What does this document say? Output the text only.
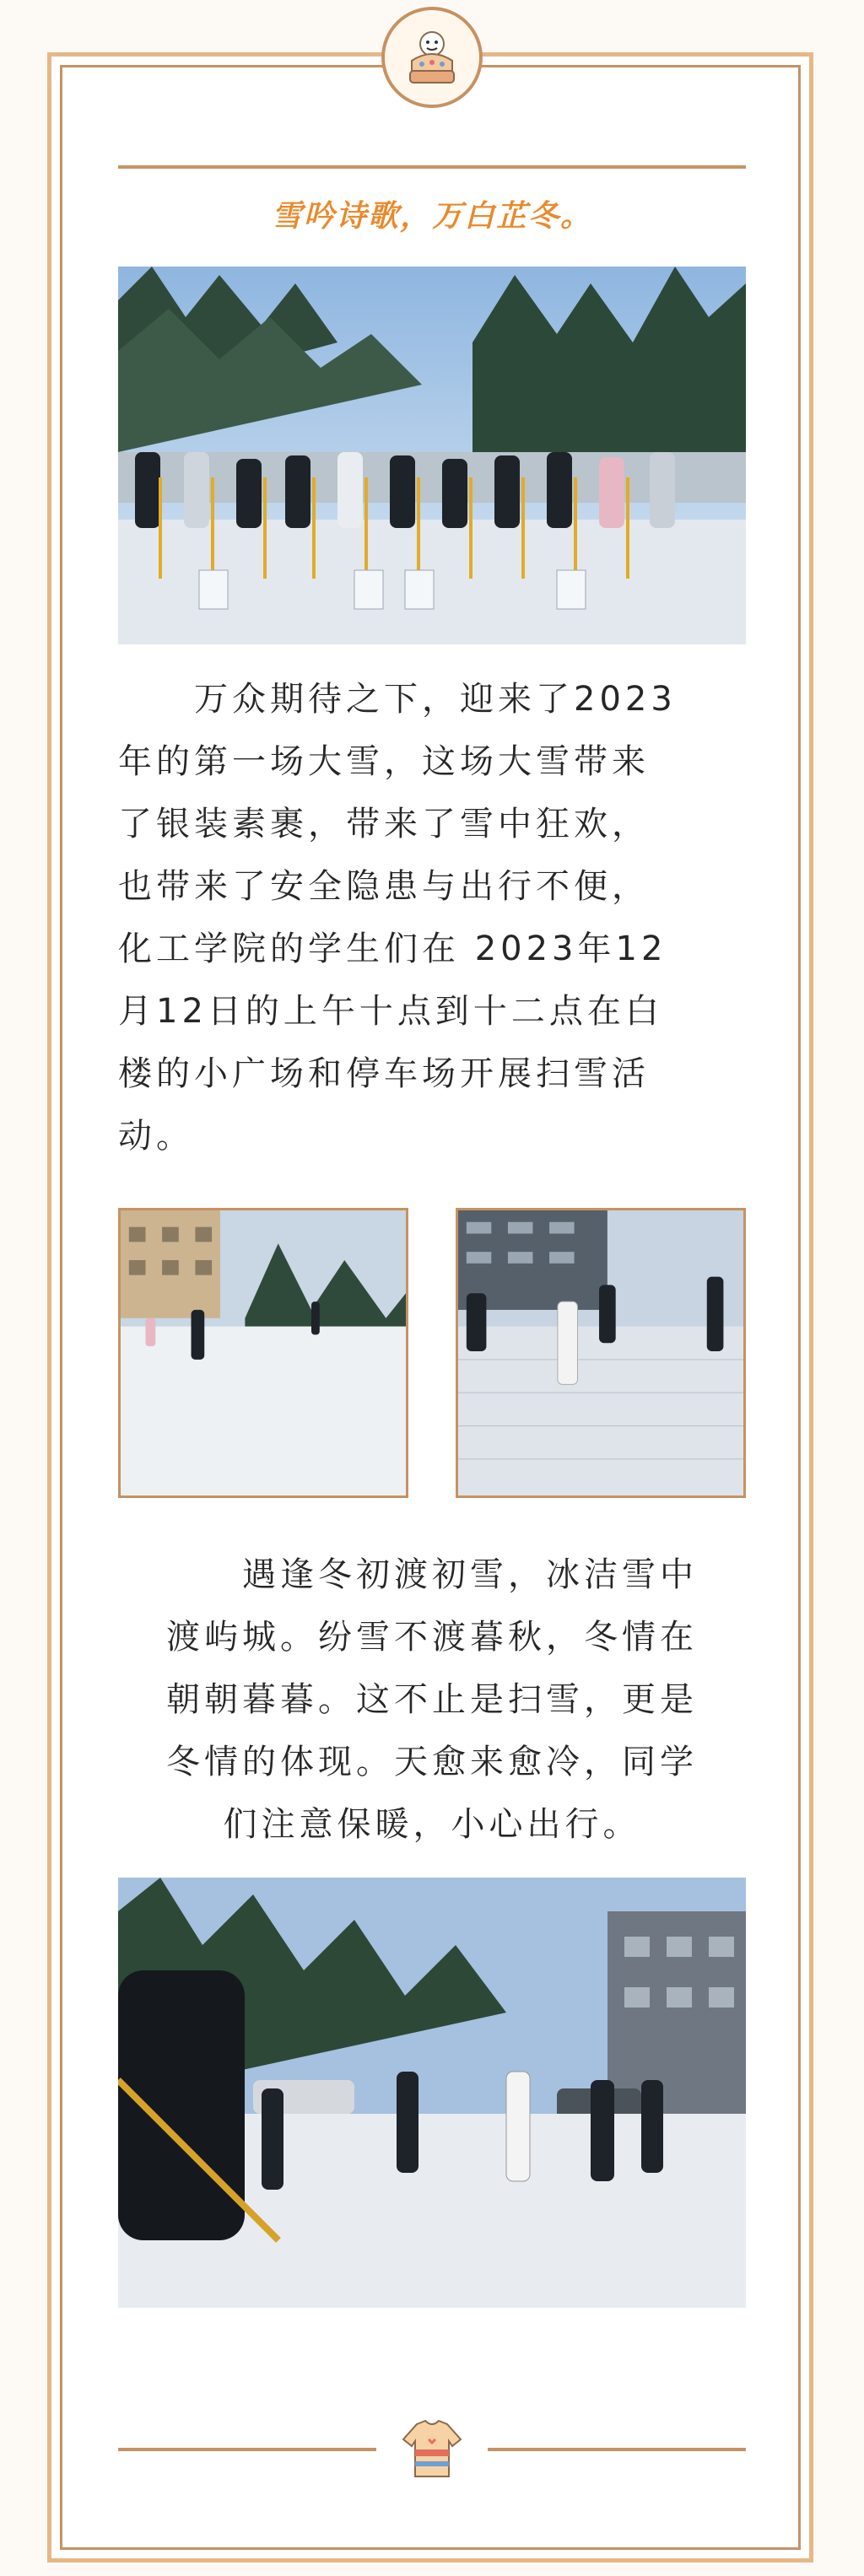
雪吟诗歌，万白芷冬。
　　万众期待之下，迎来了2023
年的第一场大雪，这场大雪带来
了银装素裹，带来了雪中狂欢，
也带来了安全隐患与出行不便，
化工学院的学生们在 2023年12
月12日的上午十点到十二点在白
楼的小广场和停车场开展扫雪活
动。
　　遇逢冬初渡初雪，冰洁雪中
渡屿城。纷雪不渡暮秋，冬情在
朝朝暮暮。这不止是扫雪，更是
冬情的体现。天愈来愈冷，同学
们注意保暖，小心出行。
